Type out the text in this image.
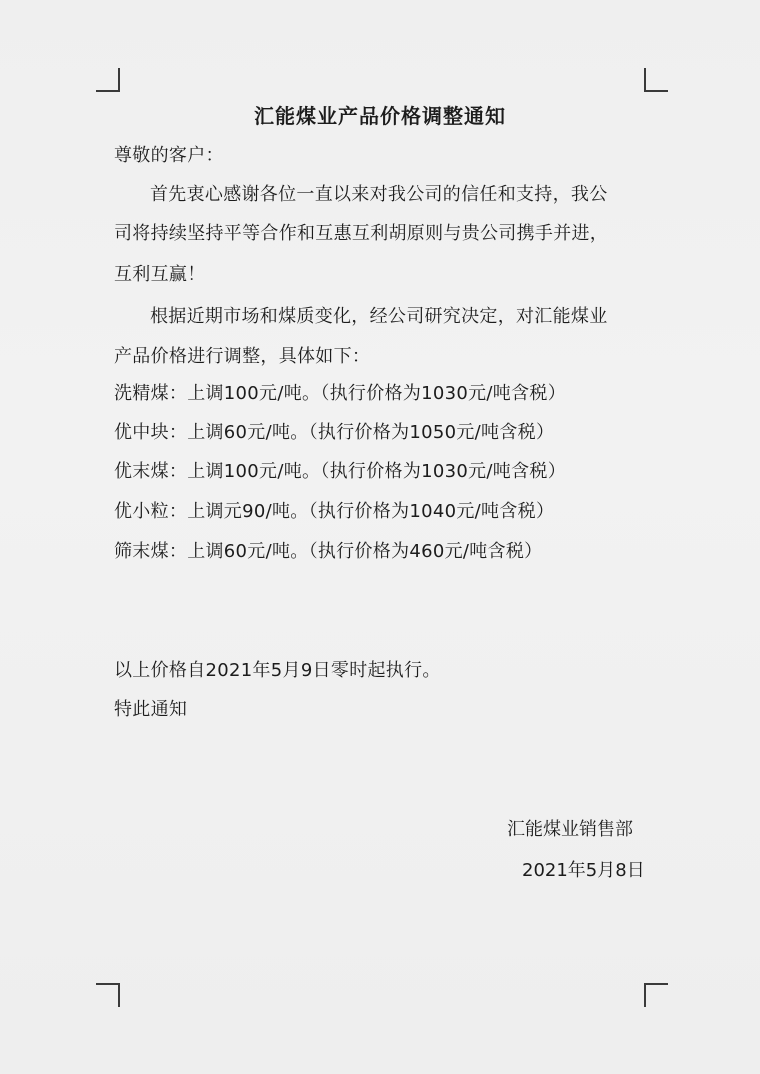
汇能煤业产品价格调整通知
尊敬的客户：
首先衷心感谢各位一直以来对我公司的信任和支持，我公
司将持续坚持平等合作和互惠互利胡原则与贵公司携手并进，
互利互赢！
根据近期市场和煤质变化，经公司研究决定，对汇能煤业
产品价格进行调整，具体如下：
洗精煤：上调100元/吨。（执行价格为1030元/吨含税）
优中块：上调60元/吨。（执行价格为1050元/吨含税）
优末煤：上调100元/吨。（执行价格为1030元/吨含税）
优小粒：上调元90/吨。（执行价格为1040元/吨含税）
筛末煤：上调60元/吨。（执行价格为460元/吨含税）
以上价格自2021年5月9日零时起执行。
特此通知
汇能煤业销售部
2021年5月8日
